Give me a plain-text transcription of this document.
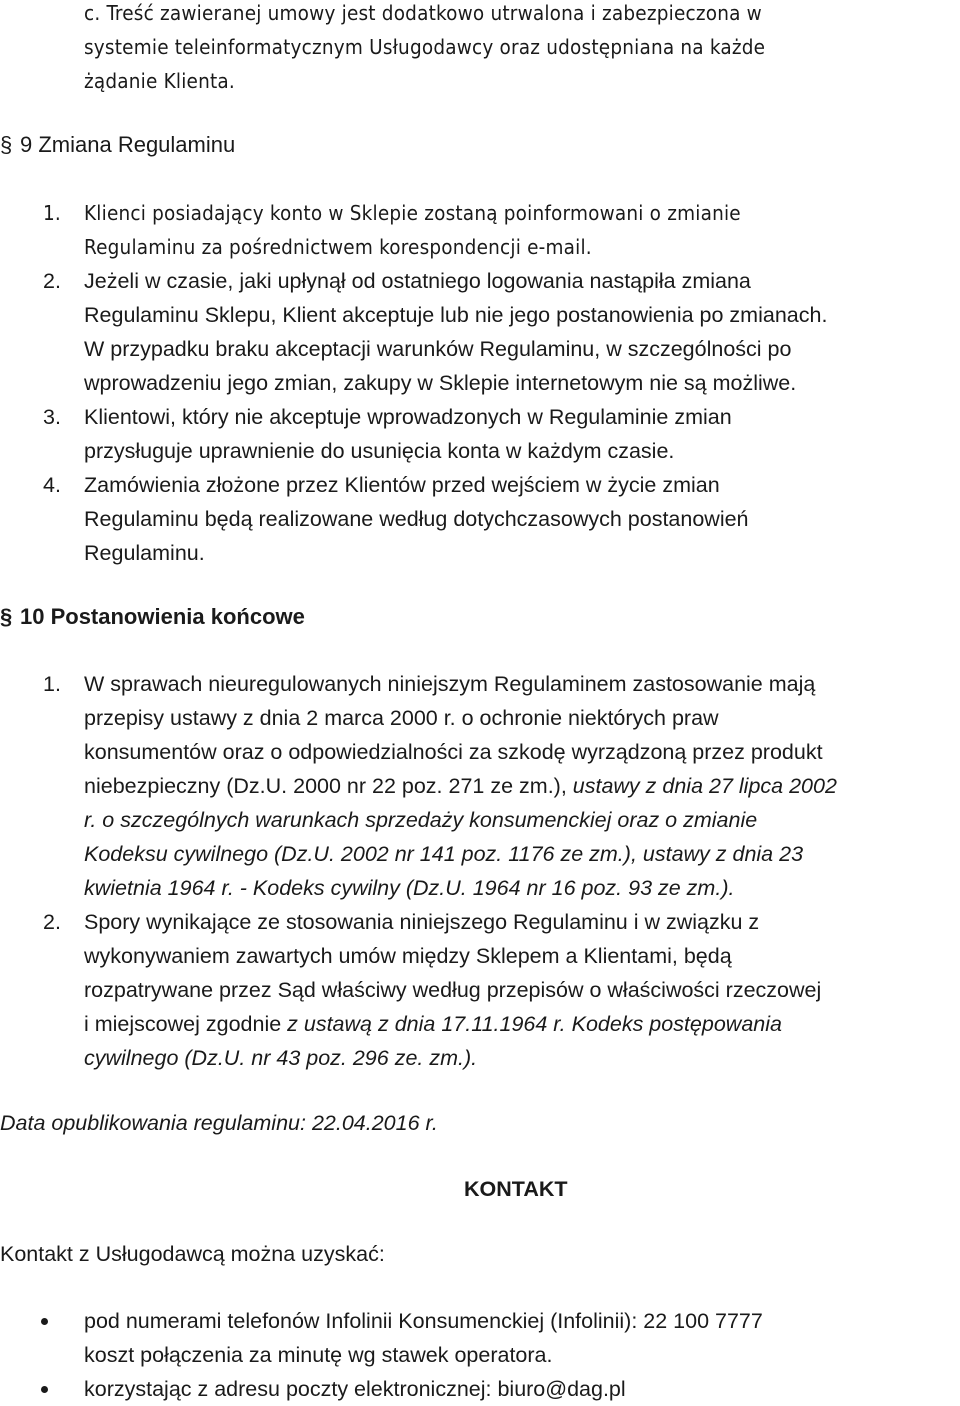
c. Treść zawieranej umowy jest dodatkowo utrwalona i zabezpieczona w
systemie teleinformatycznym Usługodawcy oraz udostępniana na każde
żądanie Klienta.
§ 9 Zmiana Regulaminu
1. Klienci posiadający konto w Sklepie zostaną poinformowani o zmianie
Regulaminu za pośrednictwem korespondencji e-mail.
2. Jeżeli w czasie, jaki upłynął od ostatniego logowania nastąpiła zmiana
Regulaminu Sklepu, Klient akceptuje lub nie jego postanowienia po zmianach.
W przypadku braku akceptacji warunków Regulaminu, w szczególności po
wprowadzeniu jego zmian, zakupy w Sklepie internetowym nie są możliwe.
3. Klientowi, który nie akceptuje wprowadzonych w Regulaminie zmian
przysługuje uprawnienie do usunięcia konta w każdym czasie.
4. Zamówienia złożone przez Klientów przed wejściem w życie zmian
Regulaminu będą realizowane według dotychczasowych postanowień
Regulaminu.
§ 10 Postanowienia końcowe
1. W sprawach nieuregulowanych niniejszym Regulaminem zastosowanie mają
przepisy ustawy z dnia 2 marca 2000 r. o ochronie niektórych praw
konsumentów oraz o odpowiedzialności za szkodę wyrządzoną przez produkt
niebezpieczny (Dz.U. 2000 nr 22 poz. 271 ze zm.), ustawy z dnia 27 lipca 2002
r. o szczególnych warunkach sprzedaży konsumenckiej oraz o zmianie
Kodeksu cywilnego (Dz.U. 2002 nr 141 poz. 1176 ze zm.), ustawy z dnia 23
kwietnia 1964 r. - Kodeks cywilny (Dz.U. 1964 nr 16 poz. 93 ze zm.).
2. Spory wynikające ze stosowania niniejszego Regulaminu i w związku z
wykonywaniem zawartych umów między Sklepem a Klientami, będą
rozpatrywane przez Sąd właściwy według przepisów o właściwości rzeczowej
i miejscowej zgodnie z ustawą z dnia 17.11.1964 r. Kodeks postępowania
cywilnego (Dz.U. nr 43 poz. 296 ze. zm.).
Data opublikowania regulaminu: 22.04.2016 r.
KONTAKT
Kontakt z Usługodawcą można uzyskać:
pod numerami telefonów Infolinii Konsumenckiej (Infolinii): 22 100 7777
koszt połączenia za minutę wg stawek operatora.
korzystając z adresu poczty elektronicznej: biuro@dag.pl
